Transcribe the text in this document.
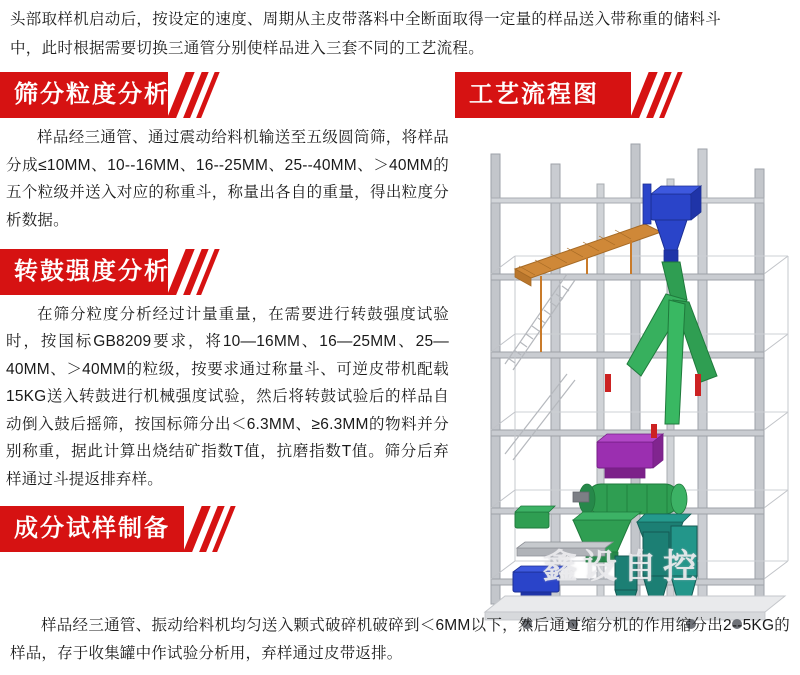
头部取样机启动后，按设定的速度、周期从主皮带落料中全断面取得一定量的样品送入带称重的储料斗

中，此时根据需要切换三通管分别使样品进入三套不同的工艺流程。

筛分粒度分析
样品经三通管、通过震动给料机输送至五级圆筒筛，将样品分成≤10MM、10--16MM、16--25MM、25--40MM、＞40MM的五个粒级并送入对应的称重斗，称量出各自的重量，得出粒度分析数据。
转鼓强度分析
在筛分粒度分析经过计量重量，在需要进行转鼓强度试验时，按国标GB8209要求，将10—16MM、16—25MM、25—40MM、＞40MM的粒级，按要求通过称量斗、可逆皮带机配载15KG送入转鼓进行机械强度试验，然后将转鼓试验后的样品自动倒入鼓后摇筛，按国标筛分出＜6.3MM、≥6.3MM的物料并分别称重，据此计算出烧结矿指数T值，抗磨指数T值。筛分后弃样通过斗提返排弃样。
成分试样制备
工艺流程图
鑫设自控
样品经三通管、振动给料机均匀送入颗式破碎机破碎到＜6MM以下，然后通过缩分机的作用缩分出2--5KG的样品，存于收集罐中作试验分析用，弃样通过皮带返排。
